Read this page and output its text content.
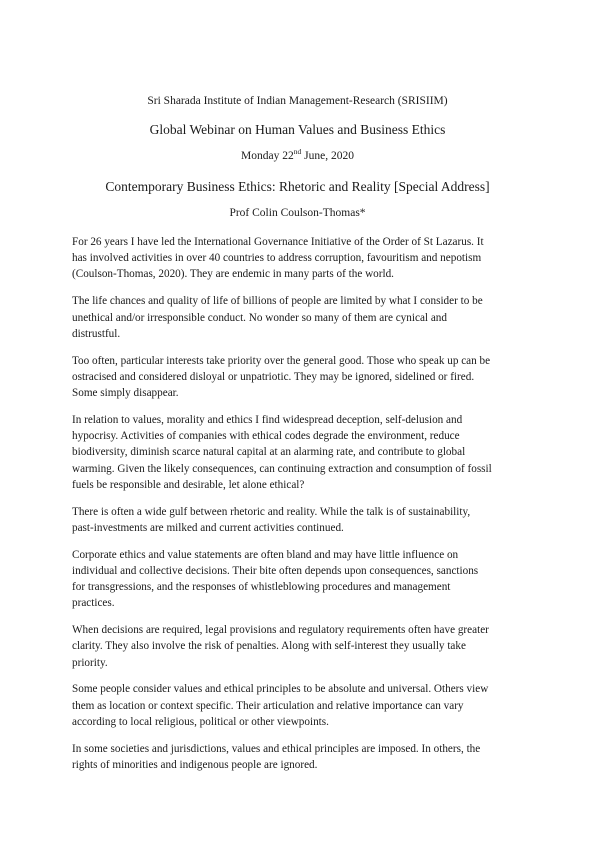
Sri Sharada Institute of Indian Management-Research (SRISIIM)
Global Webinar on Human Values and Business Ethics
Monday 22nd June, 2020
Contemporary Business Ethics: Rhetoric and Reality [Special Address]
Prof Colin Coulson-Thomas*

For 26 years I have led the International Governance Initiative of the Order of St Lazarus. It
has involved activities in over 40 countries to address corruption, favouritism and nepotism
(Coulson-Thomas, 2020). They are endemic in many parts of the world.

The life chances and quality of life of billions of people are limited by what I consider to be
unethical and/or irresponsible conduct. No wonder so many of them are cynical and
distrustful.

Too often, particular interests take priority over the general good. Those who speak up can be
ostracised and considered disloyal or unpatriotic. They may be ignored, sidelined or fired.
Some simply disappear.

In relation to values, morality and ethics I find widespread deception, self-delusion and
hypocrisy. Activities of companies with ethical codes degrade the environment, reduce
biodiversity, diminish scarce natural capital at an alarming rate, and contribute to global
warming. Given the likely consequences, can continuing extraction and consumption of fossil
fuels be responsible and desirable, let alone ethical?

There is often a wide gulf between rhetoric and reality. While the talk is of sustainability,
past-investments are milked and current activities continued.

Corporate ethics and value statements are often bland and may have little influence on
individual and collective decisions. Their bite often depends upon consequences, sanctions
for transgressions, and the responses of whistleblowing procedures and management
practices.

When decisions are required, legal provisions and regulatory requirements often have greater
clarity. They also involve the risk of penalties. Along with self-interest they usually take
priority.

Some people consider values and ethical principles to be absolute and universal. Others view
them as location or context specific. Their articulation and relative importance can vary
according to local religious, political or other viewpoints.

In some societies and jurisdictions, values and ethical principles are imposed. In others, the
rights of minorities and indigenous people are ignored.
